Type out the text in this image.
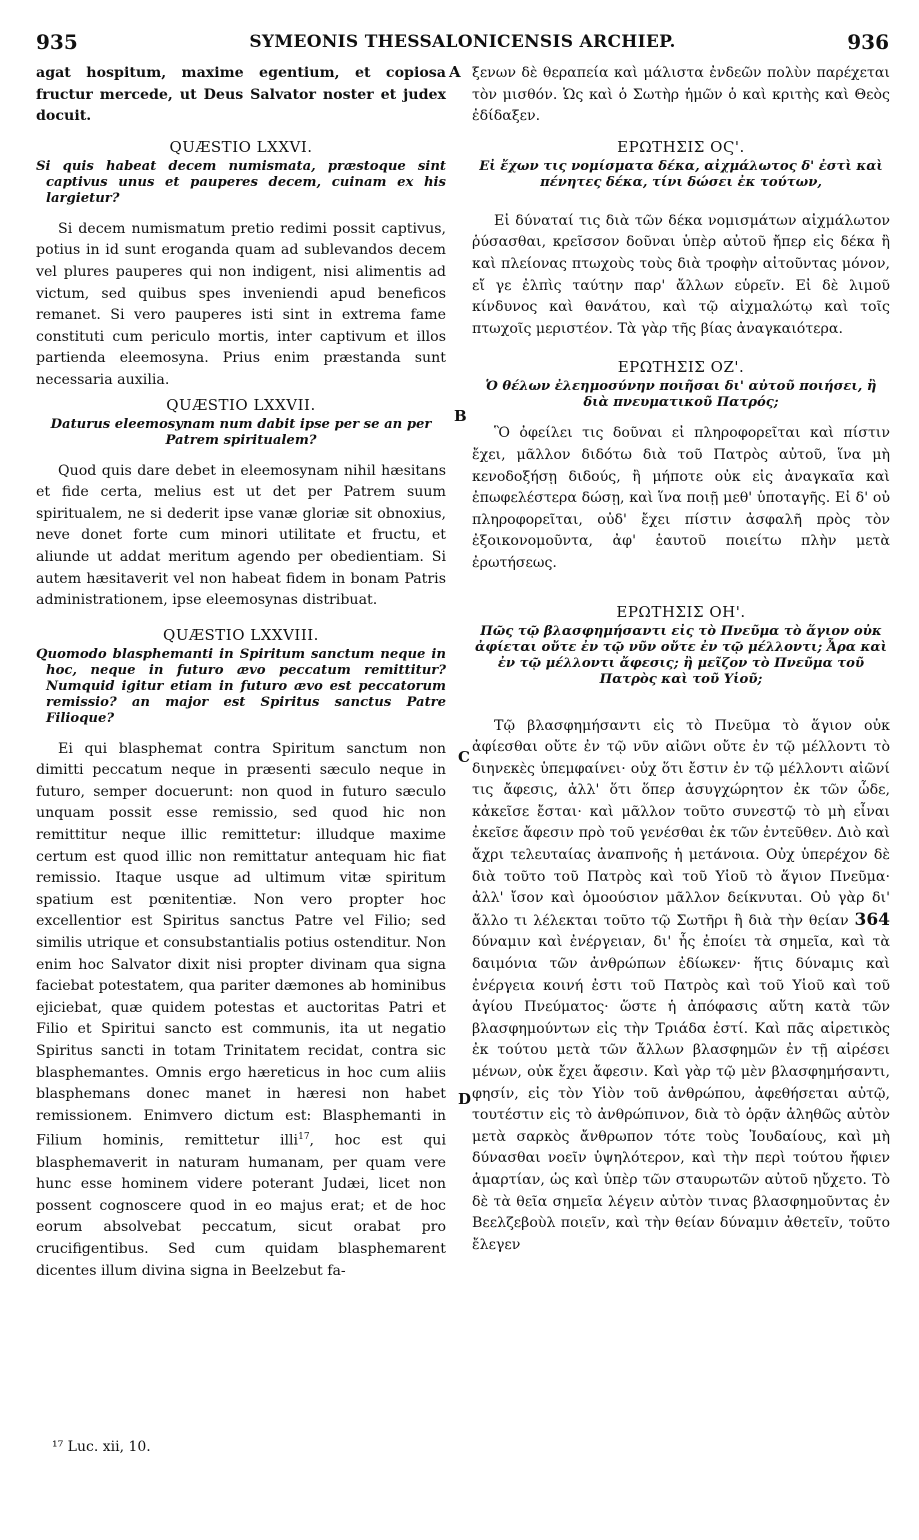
935	SYMEONIS THESSALONICENSIS ARCHIEP.	936
A
B
C
D

agat hospitum, maxime egentium, et copiosa fructur mercede, ut Deus Salvator noster et judex docuit.

QUÆSTIO LXXVI.

Si quis habeat decem numismata, præstoque sint captivus unus et pauperes decem, cuinam ex his largietur?

Si decem numismatum pretio redimi possit captivus, potius in id sunt eroganda quam ad sublevandos decem vel plures pauperes qui non indigent, nisi alimentis ad victum, sed quibus spes inveniendi apud beneficos remanet. Si vero pauperes isti sint in extrema fame constituti cum periculo mortis, inter captivum et illos partienda eleemosyna. Prius enim præstanda sunt necessaria auxilia.

QUÆSTIO LXXVII.

Daturus eleemosynam num dabit ipse per se an per Patrem spiritualem?

Quod quis dare debet in eleemosynam nihil hæsitans et fide certa, melius est ut det per Patrem suum spiritualem, ne si dederit ipse vanæ gloriæ sit obnoxius, neve donet forte cum minori utilitate et fructu, et aliunde ut addat meritum agendo per obedientiam. Si autem hæsitaverit vel non habeat fidem in bonam Patris administrationem, ipse eleemosynas distribuat.

QUÆSTIO LXXVIII.

Quomodo blasphemanti in Spiritum sanctum neque in hoc, neque in futuro ævo peccatum remittitur? Numquid igitur etiam in futuro ævo est peccatorum remissio? an major est Spiritus sanctus Patre Filioque?

Ei qui blasphemat contra Spiritum sanctum non dimitti peccatum neque in præsenti sæculo neque in futuro, semper docuerunt: non quod in futuro sæculo unquam possit esse remissio, sed quod hic non remittitur neque illic remittetur: illudque maxime certum est quod illic non remittatur antequam hic fiat remissio. Itaque usque ad ultimum vitæ spiritum spatium est pœnitentiæ. Non vero propter hoc excellentior est Spiritus sanctus Patre vel Filio; sed similis utrique et consubstantialis potius ostenditur. Non enim hoc Salvator dixit nisi propter divinam qua signa faciebat potestatem, qua pariter dæmones ab hominibus ejiciebat, quæ quidem potestas et auctoritas Patri et Filio et Spiritui sancto est communis, ita ut negatio Spiritus sancti in totam Trinitatem recidat, contra sic blasphemantes. Omnis ergo hæreticus in hoc cum aliis blasphemans donec manet in hæresi non habet remissionem. Enimvero dictum est: Blasphemanti in Filium hominis, remittetur illi$^{17}$, hoc est qui blasphemaverit in naturam humanam, per quam vere hunc esse hominem videre poterant Judæi, licet non possent cognoscere quod in eo majus erat; et de hoc eorum absolvebat peccatum, sicut orabat pro crucifigentibus. Sed cum quidam blasphemarent dicentes illum divina signa in Beelzebut fa-

ξενων δὲ θεραπεία καὶ μάλιστα ἐνδεῶν πολὺν παρέχεται τὸν μισθόν. Ὡς καὶ ὁ Σωτὴρ ἡμῶν ὁ καὶ κριτὴς καὶ Θεὸς ἐδίδαξεν.

ΕΡΩΤΗΣΙΣ ΟϚ'.

Εἰ ἔχων τις νομίσματα δέκα, αἰχμάλωτος δ' ἐστὶ καὶ πένητες δέκα, τίνι δώσει ἐκ τούτων,

Εἰ δύναταί τις διὰ τῶν δέκα νομισμάτων αἰχμάλωτον ῥύσασθαι, κρεῖσσον δοῦναι ὑπὲρ αὐτοῦ ἤπερ εἰς δέκα ἢ καὶ πλείονας πτωχοὺς τοὺς διὰ τροφὴν αἰτοῦντας μόνον, εἴ γε ἐλπὶς ταύτην παρ' ἄλλων εὑρεῖν. Εἰ δὲ λιμοῦ κίνδυνος καὶ θανάτου, καὶ τῷ αἰχμαλώτῳ καὶ τοῖς πτωχοῖς μεριστέον. Τὰ γὰρ τῆς βίας ἀναγκαιότερα.

ΕΡΩΤΗΣΙΣ ΟΖ'.

Ὁ θέλων ἐλεημοσύνην ποιῆσαι δι' αὐτοῦ ποιήσει, ἢ διὰ πνευματικοῦ Πατρός;

Ὃ ὀφείλει τις δοῦναι εἰ πληροφορεῖται καὶ πίστιν ἔχει, μᾶλλον διδότω διὰ τοῦ Πατρὸς αὐτοῦ, ἵνα μὴ κενοδοξήσῃ διδούς, ἢ μήποτε οὐκ εἰς ἀναγκαῖα καὶ ἐπωφελέστερα δώσῃ, καὶ ἵνα ποιῇ μεθ' ὑποταγῆς. Εἰ δ' οὐ πληροφορεῖται, οὐδ' ἔχει πίστιν ἀσφαλῆ πρὸς τὸν ἐξοικονομοῦντα, ἀφ' ἑαυτοῦ ποιείτω πλὴν μετὰ ἐρωτήσεως.

ΕΡΩΤΗΣΙΣ ΟΗ'.

Πῶς τῷ βλασφημήσαντι εἰς τὸ Πνεῦμα τὸ ἅγιον οὐκ ἀφίεται οὔτε ἐν τῷ νῦν οὔτε ἐν τῷ μέλλοντι; Ἆρα καὶ ἐν τῷ μέλλοντι ἄφεσις; ἢ μεῖζον τὸ Πνεῦμα τοῦ Πατρὸς καὶ τοῦ Υἱοῦ;

Τῷ βλασφημήσαντι εἰς τὸ Πνεῦμα τὸ ἅγιον οὐκ ἀφίεσθαι οὔτε ἐν τῷ νῦν αἰῶνι οὔτε ἐν τῷ μέλλοντι τὸ διηνεκὲς ὑπεμφαίνει· οὐχ ὅτι ἔστιν ἐν τῷ μέλλοντι αἰῶνί τις ἄφεσις, ἀλλ' ὅτι ὅπερ ἀσυγχώρητον ἐκ τῶν ὧδε, κἀκεῖσε ἔσται· καὶ μᾶλλον τοῦτο συνεστῷ τὸ μὴ εἶναι ἐκεῖσε ἄφεσιν πρὸ τοῦ γενέσθαι ἐκ τῶν ἐντεῦθεν. Διὸ καὶ ἄχρι τελευταίας ἀναπνοῆς ἡ μετάνοια. Οὐχ ὑπερέχον δὲ διὰ τοῦτο τοῦ Πατρὸς καὶ τοῦ Υἱοῦ τὸ ἅγιον Πνεῦμα· ἀλλ' ἴσον καὶ ὁμοούσιον μᾶλλον δείκνυται. Οὐ γὰρ δι' ἄλλο τι λέλεκται τοῦτο τῷ Σωτῆρι ἢ διὰ τὴν θείαν 364 δύναμιν καὶ ἐνέργειαν, δι' ἧς ἐποίει τὰ σημεῖα, καὶ τὰ δαιμόνια τῶν ἀνθρώπων ἐδίωκεν· ἥτις δύναμις καὶ ἐνέργεια κοινή ἐστι τοῦ Πατρὸς καὶ τοῦ Υἱοῦ καὶ τοῦ ἁγίου Πνεύματος· ὥστε ἡ ἀπόφασις αὕτη κατὰ τῶν βλασφημούντων εἰς τὴν Τριάδα ἐστί. Καὶ πᾶς αἱρετικὸς ἐκ τούτου μετὰ τῶν ἄλλων βλασφημῶν ἐν τῇ αἱρέσει μένων, οὐκ ἔχει ἄφεσιν. Καὶ γὰρ τῷ μὲν βλασφημήσαντι, φησίν, εἰς τὸν Υἱὸν τοῦ ἀνθρώπου, ἀφεθήσεται αὐτῷ, τουτέστιν εἰς τὸ ἀνθρώπινον, διὰ τὸ ὁρᾷν ἀληθῶς αὐτὸν μετὰ σαρκὸς ἄνθρωπον τότε τοὺς Ἰουδαίους, καὶ μὴ δύνασθαι νοεῖν ὑψηλότερον, καὶ τὴν περὶ τούτου ἤφιεν ἁμαρτίαν, ὡς καὶ ὑπὲρ τῶν σταυρωτῶν αὐτοῦ ηὔχετο. Τὸ δὲ τὰ θεῖα σημεῖα λέγειν αὐτὸν τινας βλασφημοῦντας ἐν Βεελζεβοὺλ ποιεῖν, καὶ τὴν θείαν δύναμιν ἀθετεῖν, τοῦτο ἔλεγεν

¹⁷ Luc. xii, 10.
